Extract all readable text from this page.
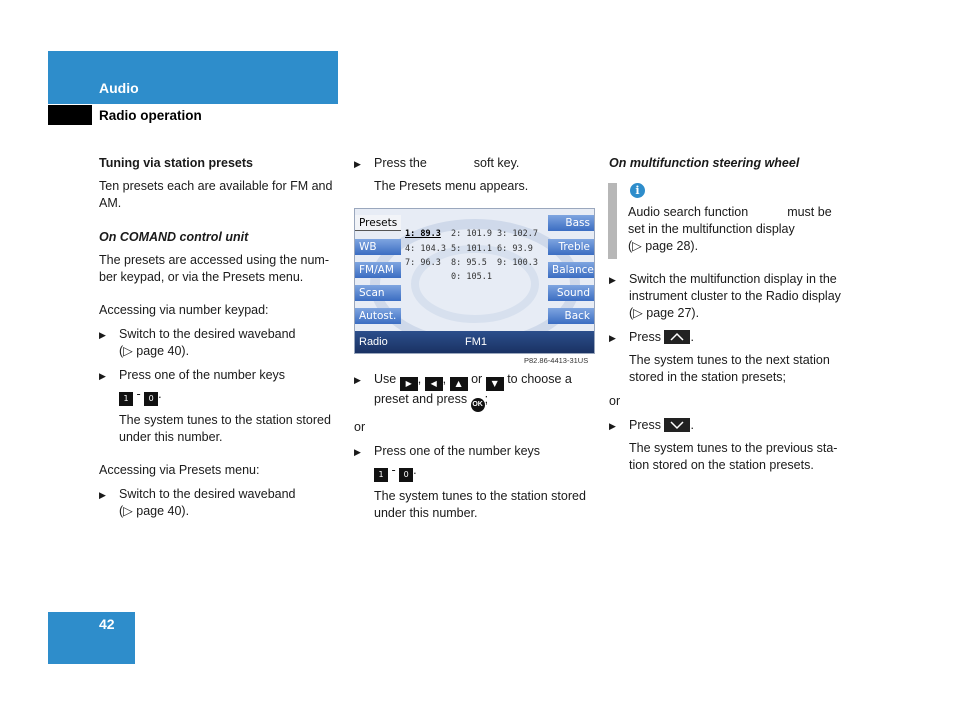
Audio
Radio operation

Tuning via station presets

Ten presets each are available for FM and AM.

On COMAND control unit

The presets are accessed using the num-ber keypad, or via the Presets menu.

Accessing via number keypad:

▶ Switch to the desired waveband
(▷ page 40).
▶ Press one of the number keys
1 - 0 .

The system tunes to the station stored under this number.

Accessing via Presets menu:

▶ Switch to the desired waveband
(▷ page 40).
▶ Press the	soft key.

The Presets menu appears.

Presets
WB
FM/AM
Scan
Autost.
Bass
Treble
Balance
Sound
Back
1: 89.3 2: 101.9 3: 102.7
4: 104.3 5: 101.1 6: 93.9
7: 96.3 8: 95.5 9: 100.3
0: 105.1
Radio	FM1
P82.86-4413-31US
▶ Use ▶ , ◀ , ▲ or ▼ to choose a preset and press OK ;

or

▶ Press one of the number keys
1 - 0 .

The system tunes to the station stored under this number.

On multifunction steering wheel

i

Audio search function	must be set in the multifunction display

(▷ page 28).

▶ Switch the multifunction display in the instrument cluster to the Radio display (▷ page 27).
▶ Press .

The system tunes to the next station stored in the station presets;

or

▶ Press .

The system tunes to the previous sta-tion stored on the station presets.

42
